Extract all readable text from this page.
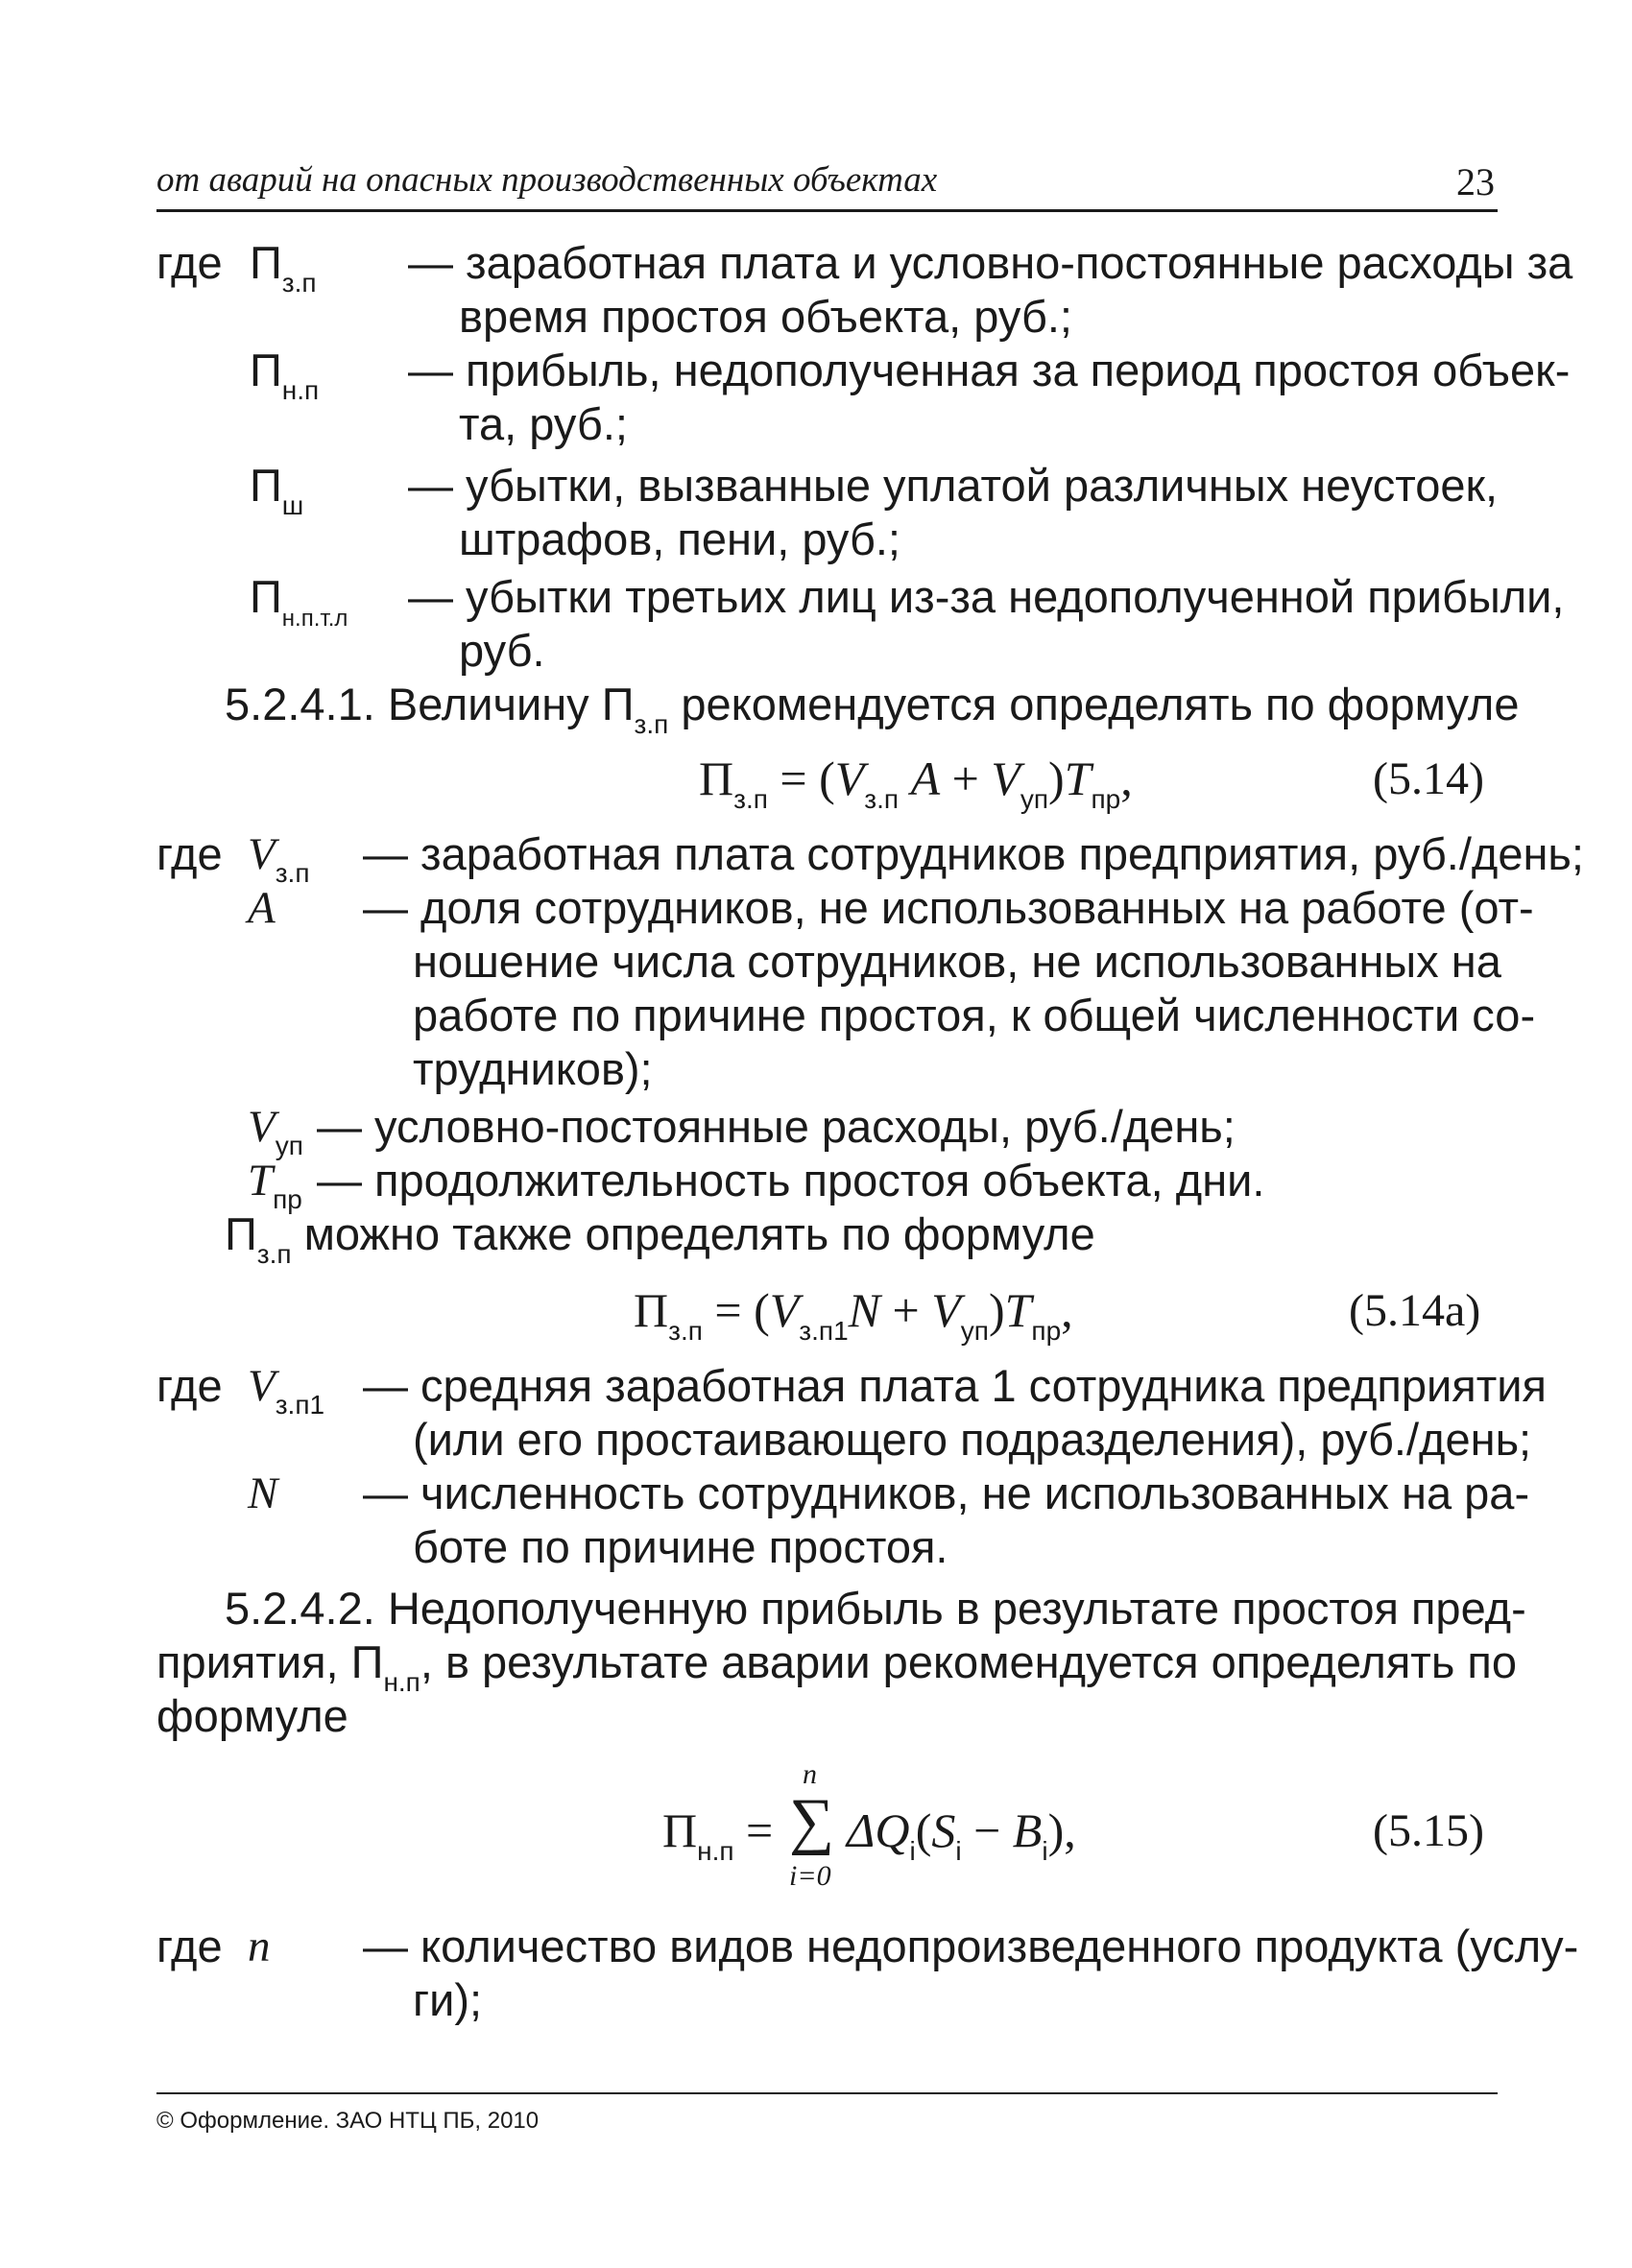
от аварий на опасных производственных объектах	23
где $П_{з.п}$ — заработная плата и условно-постоянные расходы за
время простоя объекта, руб.;
$П_{н.п}$ — прибыль, недополученная за период простоя объек-
та, руб.;
$П_ш$ — убытки, вызванные уплатой различных неустоек,
штрафов, пени, руб.;
$П_{н.п.т.л}$ — убытки третьих лиц из-за недополученной прибыли,
руб.
5.2.4.1. Величину $П_{з.п}$ рекомендуется определять по формуле
$П_{з.п} = (V_{з.п}$ $A + V_{уп})T_{пр}$,	(5.14)
где $V_{з.п}$ — заработная плата сотрудников предприятия, руб./день;
A — доля сотрудников, не использованных на работе (от-
ношение числа сотрудников, не использованных на
работе по причине простоя, к общей численности со-
трудников);
$V_{уп}$ — условно-постоянные расходы, руб./день;
$T_{пр}$ — продолжительность простоя объекта, дни.
$П_{з.п}$ можно также определять по формуле
$П_{з.п} = (V_{з.п1}N + V_{уп})T_{пр}$,	(5.14а)
где $V_{з.п1}$ — средняя заработная плата 1 сотрудника предприятия
(или его простаивающего подразделения), руб./день;
N — численность сотрудников, не использованных на ра-
боте по причине простоя.
5.2.4.2. Недополученную прибыль в результате простоя пред-
приятия, $П_{н.п}$, в результате аварии рекомендуется определять по
формуле
$П_{н.п}$ =
n
∑
i=0
$\Delta Q_i(S_i - B_i)$,	(5.15)
где n — количество видов недопроизведенного продукта (услу-
ги);
© Оформление. ЗАО НТЦ ПБ, 2010
